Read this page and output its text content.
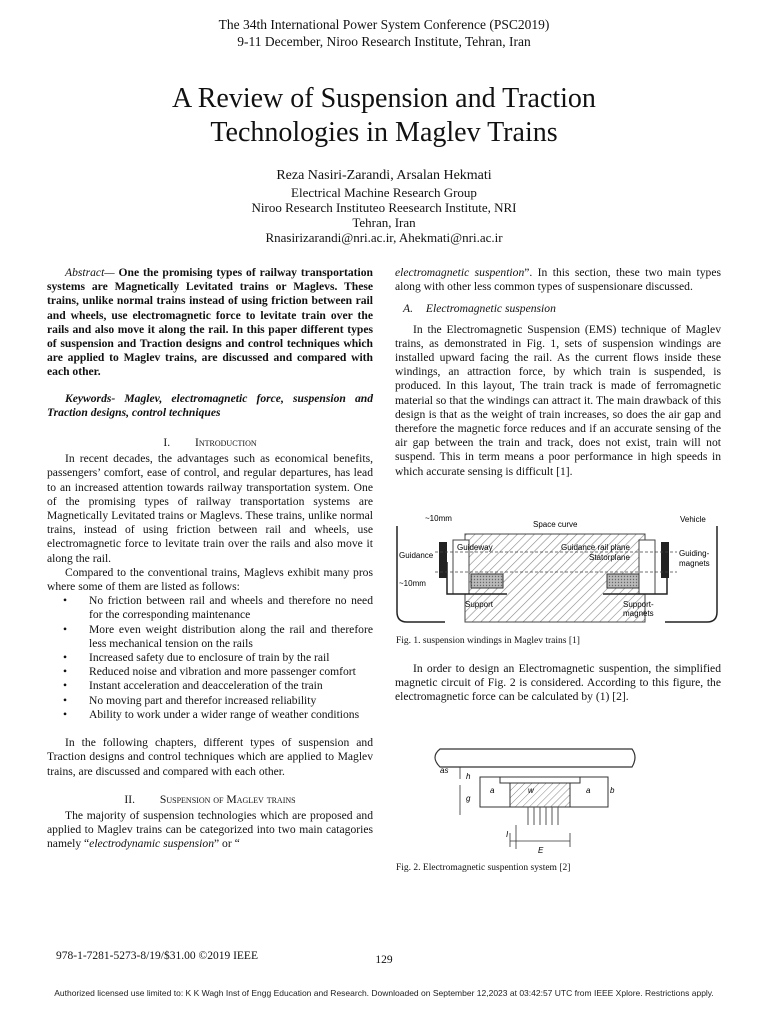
The 34th International Power System Conference (PSC2019)
9-11 December, Niroo Research Institute, Tehran, Iran
A Review of Suspension and Traction
Technologies in Maglev Trains
Reza Nasiri-Zarandi, Arsalan Hekmati
Electrical Machine Research Group
Niroo Research Instituteo Reesearch Institute, NRI
Tehran, Iran
Rnasirizarandi@nri.ac.ir, Ahekmati@nri.ac.ir

Abstract— One the promising types of railway transportation systems are Magnetically Levitated trains or Maglevs. These trains, unlike normal trains instead of using friction between rail and wheels, use electromagnetic force to levitate train over the rails and also move it along the rail. In this paper different types of suspension and Traction designs and control techniques which are applied to Maglev trains, are discussed and compared with each other.

Keywords- Maglev, electromagnetic force, suspension and Traction designs, control techniques

I. Introduction

In recent decades, the advantages such as economical benefits, passengers’ comfort, ease of control, and regular departures, has lead to an increased attention towards railway transportation system. One of the promising types of railway transportation systems are Magnetically Levitated trains or Maglevs. These trains, unlike normal trains, instead of using friction between rail and wheels, use electromagnetic force to levitate train over the rails and also move it along the rail.

Compared to the conventional trains, Maglevs exhibit many pros where some of them are listed as follows:

• No friction between rail and wheels and therefore no need for the corresponding maintenance
• More even weight distribution along the rail and therefore less mechanical tension on the rails
• Increased safety due to enclosure of train by the rail
• Reduced noise and vibration and more passenger comfort
• Instant acceleration and deacceleration of the train
• No moving part and therefor increased reliability
• Ability to work under a wider range of weather conditions

In the following chapters, different types of suspension and Traction designs and control techniques which are applied to Maglev trains, are discussed and compared with each other.

II. Suspension of Maglev trains

The majority of suspension technologies which are proposed and applied to Maglev trains can be categorized into two main catagories namely “electrodynamic suspension” or “

electromagnetic suspention”. In this section, these two main types along with other less common types of suspensionare discussed.

A. Electromagnetic suspension

In the Electromagnetic Suspension (EMS) technique of Maglev trains, as demonstrated in Fig. 1, sets of suspension windings are installed upward facing the rail. As the current flows inside these windings, an attraction force, by which train is suspended, is produced. In this layout, The train track is made of ferromagnetic material so that the windings can attract it. The main drawback of this design is that as the weight of train increases, so does the air gap and therefore the magnetic force reduces and if an accurate sensing of the air gap between the train and track, does not exist, train will not suspend. This in term means a poor performance in high speeds in which accurate sensing is difficult [1].

~10mm
Space curve
Vehicle
Guideway
Guidance
Guidance rail plane
Statorplane	Guiding-
magnets
~10mm
Support	Support-
magnets
Fig. 1. suspension windings in Maglev trains [1]

In order to design an Electromagnetic suspention, the simplified magnetic circuit of Fig. 2 is considered. According to this figure, the electromagnetic force can be calculated by (1) [2].

as
h
g
a	w	a b
I
E
Fig. 2. Electromagnetic suspention system [2]
978-1-7281-5273-8/19/$31.00 ©2019 IEEE	129
Authorized licensed use limited to: K K Wagh Inst of Engg Education and Research. Downloaded on September 12,2023 at 03:42:57 UTC from IEEE Xplore. Restrictions apply.
